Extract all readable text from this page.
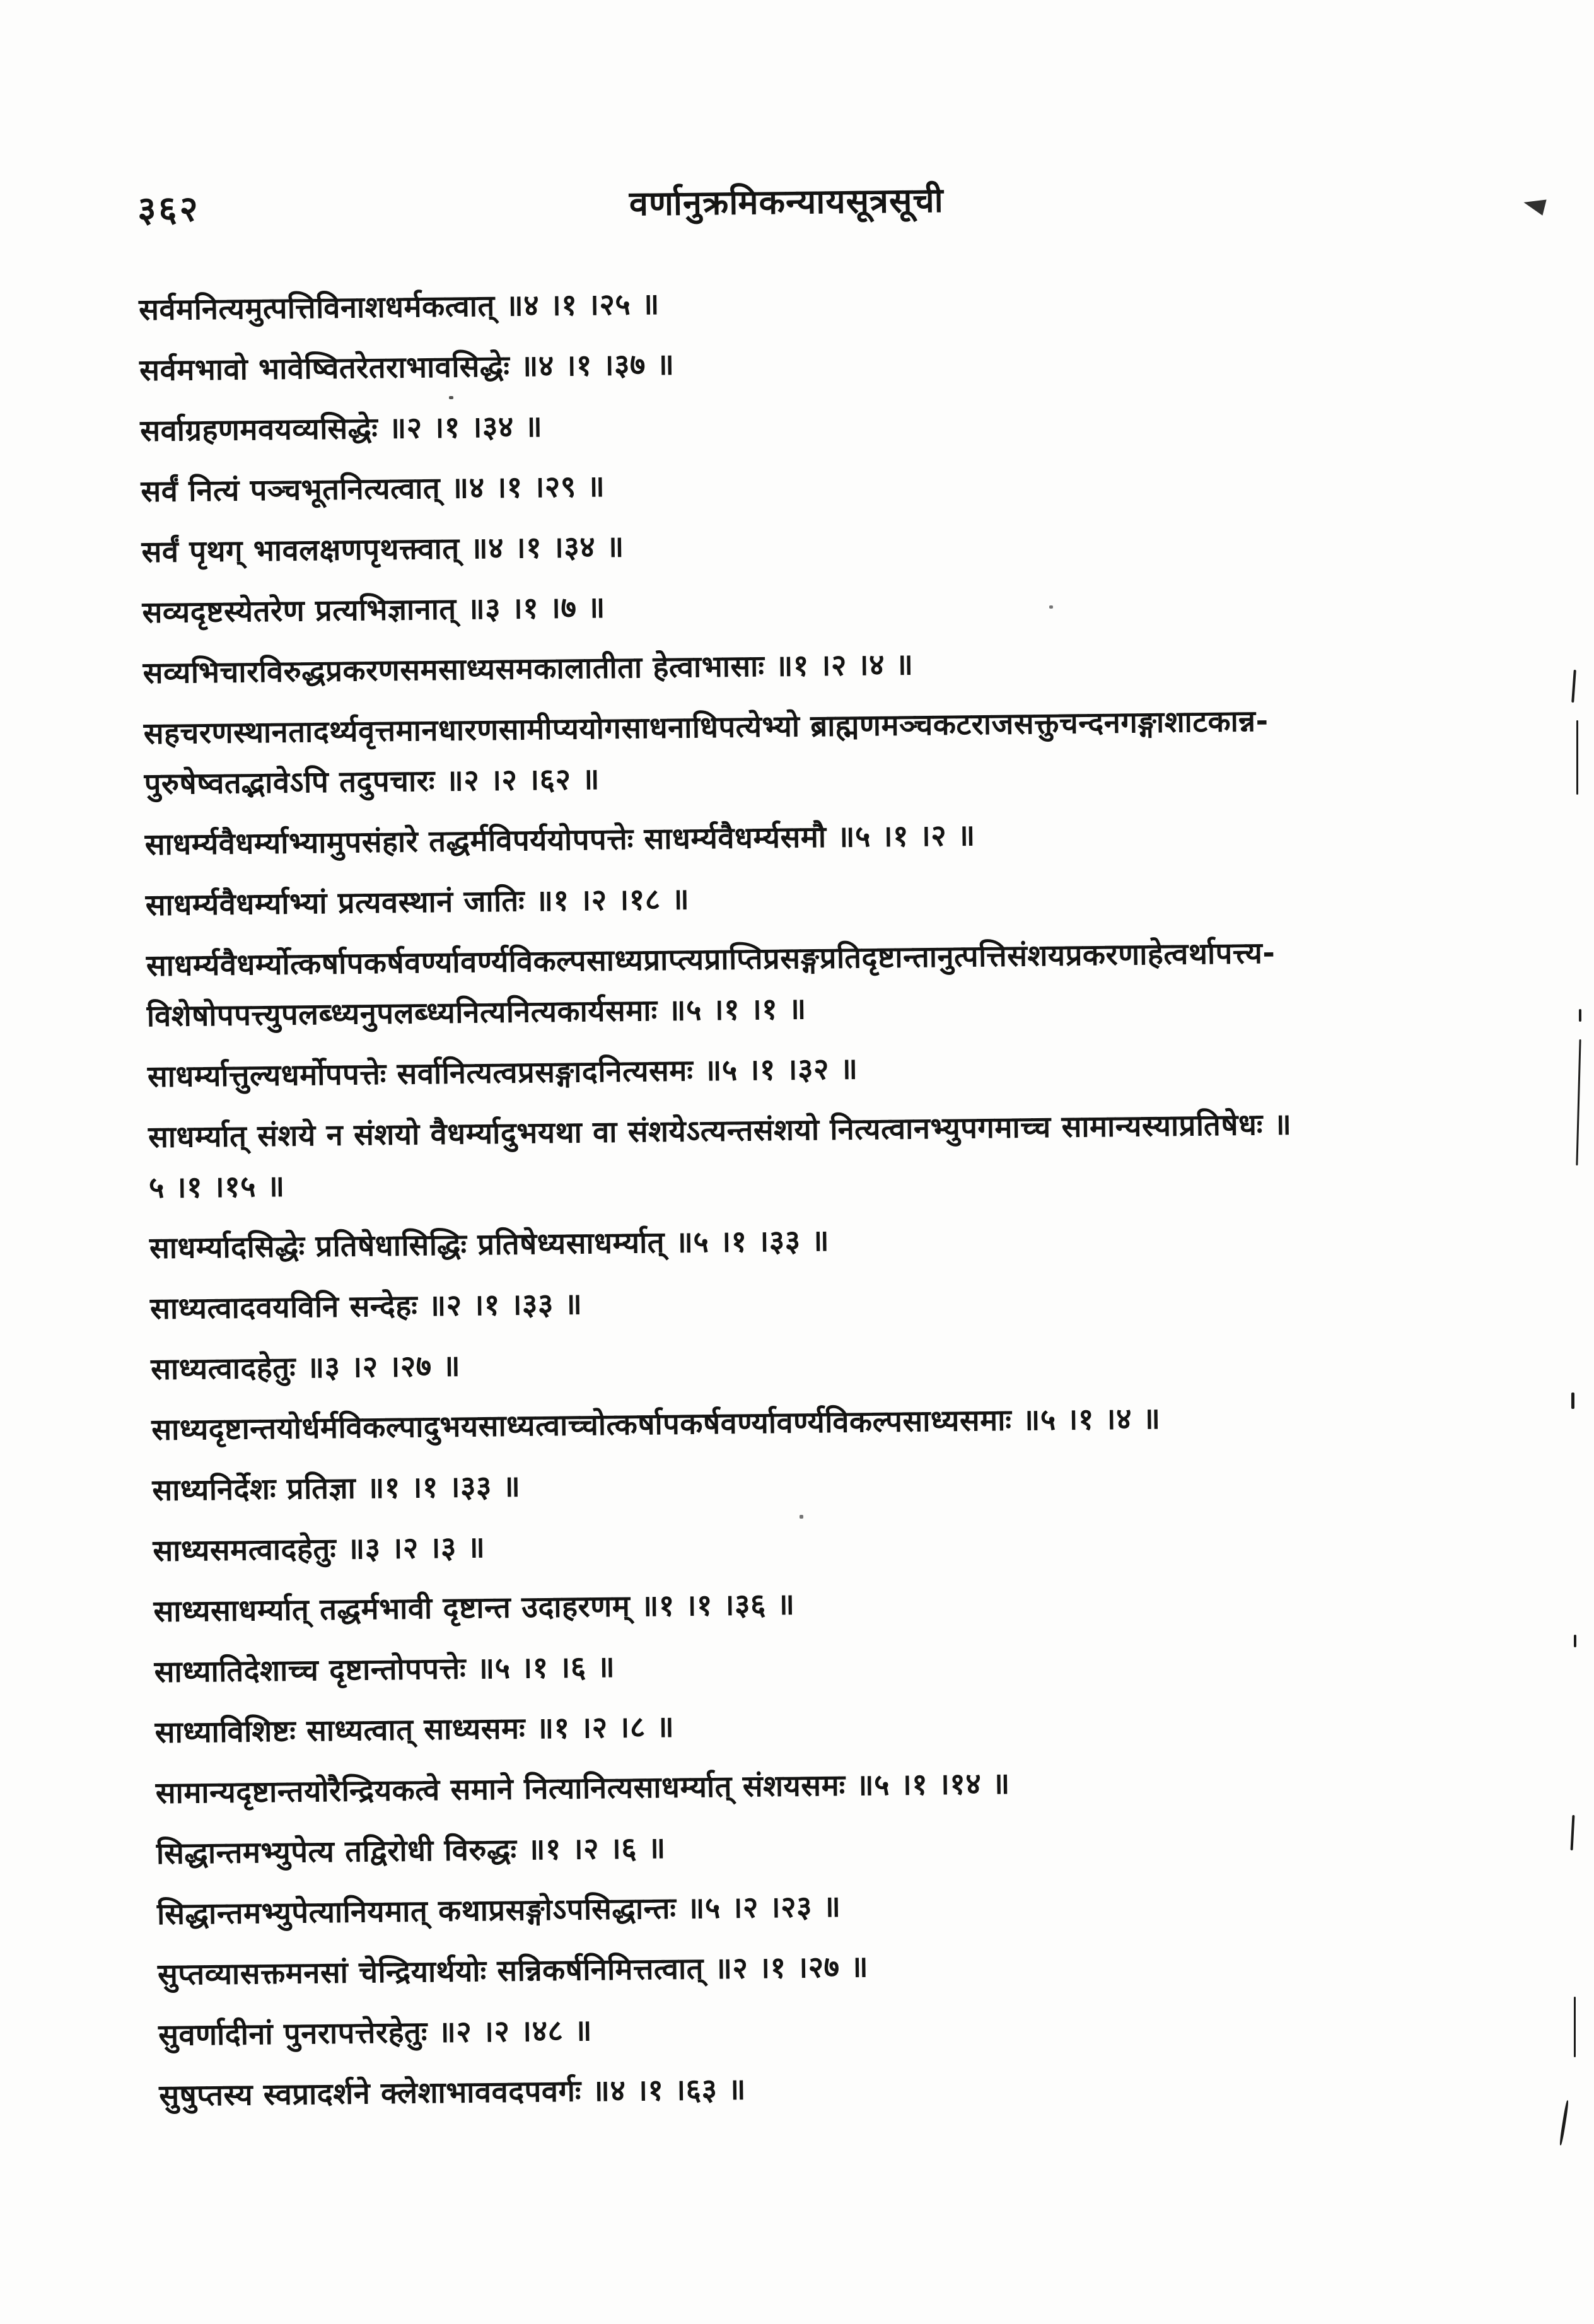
३६२	वर्णानुक्रमिकन्यायसूत्रसूची

सर्वमनित्यमुत्पत्तिविनाशधर्मकत्वात् ॥४ ।१ ।२५ ॥

सर्वमभावो भावेष्वितरेतराभावसिद्धेः ॥४ ।१ ।३७ ॥

सर्वाग्रहणमवयव्यसिद्धेः ॥२ ।१ ।३४ ॥

सर्वं नित्यं पञ्चभूतनित्यत्वात् ॥४ ।१ ।२९ ॥

सर्वं पृथग् भावलक्षणपृथक्त्वात् ॥४ ।१ ।३४ ॥

सव्यदृष्टस्येतरेण प्रत्यभिज्ञानात् ॥३ ।१ ।७ ॥

सव्यभिचारविरुद्धप्रकरणसमसाध्यसमकालातीता हेत्वाभासाः ॥१ ।२ ।४ ॥

सहचरणस्थानतादर्थ्यवृत्तमानधारणसामीप्ययोगसाधनाधिपत्येभ्यो ब्राह्मणमञ्चकटराजसक्तुचन्दनगङ्गाशाटकान्न-

पुरुषेष्वतद्भावेऽपि तदुपचारः ॥२ ।२ ।६२ ॥

साधर्म्यवैधर्म्याभ्यामुपसंहारे तद्धर्मविपर्ययोपपत्तेः साधर्म्यवैधर्म्यसमौ ॥५ ।१ ।२ ॥

साधर्म्यवैधर्म्याभ्यां प्रत्यवस्थानं जातिः ॥१ ।२ ।१८ ॥

साधर्म्यवैधर्म्योत्कर्षापकर्षवर्ण्यावर्ण्यविकल्पसाध्यप्राप्त्यप्राप्तिप्रसङ्गप्रतिदृष्टान्तानुत्पत्तिसंशयप्रकरणाहेत्वर्थापत्त्य-

विशेषोपपत्त्युपलब्ध्यनुपलब्ध्यनित्यनित्यकार्यसमाः ॥५ ।१ ।१ ॥

साधर्म्यात्तुल्यधर्मोपपत्तेः सर्वानित्यत्वप्रसङ्गादनित्यसमः ॥५ ।१ ।३२ ॥

साधर्म्यात् संशये न संशयो वैधर्म्यादुभयथा वा संशयेऽत्यन्तसंशयो नित्यत्वानभ्युपगमाच्च सामान्यस्याप्रतिषेधः ॥

५ ।१ ।१५ ॥

साधर्म्यादसिद्धेः प्रतिषेधासिद्धिः प्रतिषेध्यसाधर्म्यात् ॥५ ।१ ।३३ ॥

साध्यत्वादवयविनि सन्देहः ॥२ ।१ ।३३ ॥

साध्यत्वादहेतुः ॥३ ।२ ।२७ ॥

साध्यदृष्टान्तयोर्धर्मविकल्पादुभयसाध्यत्वाच्चोत्कर्षापकर्षवर्ण्यावर्ण्यविकल्पसाध्यसमाः ॥५ ।१ ।४ ॥

साध्यनिर्देशः प्रतिज्ञा ॥१ ।१ ।३३ ॥

साध्यसमत्वादहेतुः ॥३ ।२ ।३ ॥

साध्यसाधर्म्यात् तद्धर्मभावी दृष्टान्त उदाहरणम् ॥१ ।१ ।३६ ॥

साध्यातिदेशाच्च दृष्टान्तोपपत्तेः ॥५ ।१ ।६ ॥

साध्याविशिष्टः साध्यत्वात् साध्यसमः ॥१ ।२ ।८ ॥

सामान्यदृष्टान्तयोरैन्द्रियकत्वे समाने नित्यानित्यसाधर्म्यात् संशयसमः ॥५ ।१ ।१४ ॥

सिद्धान्तमभ्युपेत्य तद्विरोधी विरुद्धः ॥१ ।२ ।६ ॥

सिद्धान्तमभ्युपेत्यानियमात् कथाप्रसङ्गोऽपसिद्धान्तः ॥५ ।२ ।२३ ॥

सुप्तव्यासक्तमनसां चेन्द्रियार्थयोः सन्निकर्षनिमित्तत्वात् ॥२ ।१ ।२७ ॥

सुवर्णादीनां पुनरापत्तेरहेतुः ॥२ ।२ ।४८ ॥

सुषुप्तस्य स्वप्रादर्शने क्लेशाभाववदपवर्गः ॥४ ।१ ।६३ ॥
